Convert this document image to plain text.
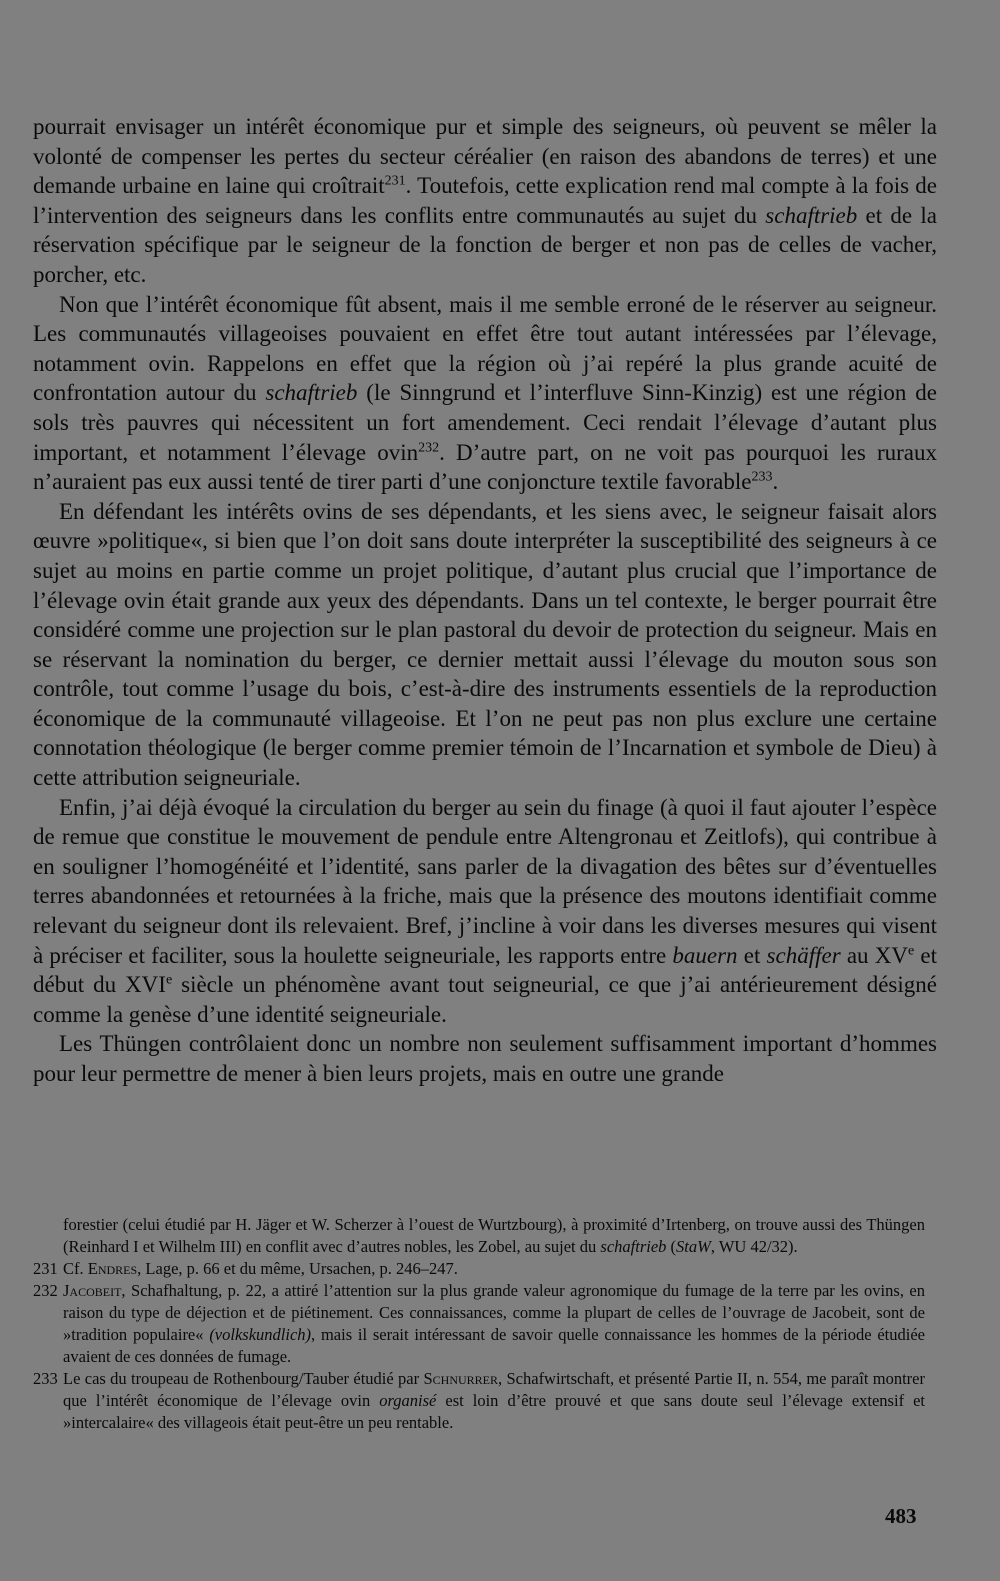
pourrait envisager un intérêt économique pur et simple des seigneurs, où peuvent se mêler la volonté de compenser les pertes du secteur céréalier (en raison des abandons de terres) et une demande urbaine en laine qui croîtrait$^{231}$. Toutefois, cette explication rend mal compte à la fois de l’intervention des seigneurs dans les conflits entre communautés au sujet du schaftrieb et de la réservation spécifique par le seigneur de la fonction de berger et non pas de celles de vacher, porcher, etc.

Non que l’intérêt économique fût absent, mais il me semble erroné de le réserver au seigneur. Les communautés villageoises pouvaient en effet être tout autant intéressées par l’élevage, notamment ovin. Rappelons en effet que la région où j’ai repéré la plus grande acuité de confrontation autour du schaftrieb (le Sinngrund et l’interfluve Sinn-Kinzig) est une région de sols très pauvres qui nécessitent un fort amendement. Ceci rendait l’élevage d’autant plus important, et notamment l’élevage ovin$^{232}$. D’autre part, on ne voit pas pourquoi les ruraux n’auraient pas eux aussi tenté de tirer parti d’une conjoncture textile favorable$^{233}$.

En défendant les intérêts ovins de ses dépendants, et les siens avec, le seigneur faisait alors œuvre »politique«, si bien que l’on doit sans doute interpréter la susceptibilité des seigneurs à ce sujet au moins en partie comme un projet politique, d’autant plus crucial que l’importance de l’élevage ovin était grande aux yeux des dépendants. Dans un tel contexte, le berger pourrait être considéré comme une projection sur le plan pastoral du devoir de protection du seigneur. Mais en se réservant la nomination du berger, ce dernier mettait aussi l’élevage du mouton sous son contrôle, tout comme l’usage du bois, c’est-à-dire des instruments essentiels de la reproduction économique de la communauté villageoise. Et l’on ne peut pas non plus exclure une certaine connotation théologique (le berger comme premier témoin de l’Incarnation et symbole de Dieu) à cette attribution seigneuriale.

Enfin, j’ai déjà évoqué la circulation du berger au sein du finage (à quoi il faut ajouter l’espèce de remue que constitue le mouvement de pendule entre Altengronau et Zeitlofs), qui contribue à en souligner l’homogénéité et l’identité, sans parler de la divagation des bêtes sur d’éventuelles terres abandonnées et retournées à la friche, mais que la présence des moutons identifiait comme relevant du seigneur dont ils relevaient. Bref, j’incline à voir dans les diverses mesures qui visent à préciser et faciliter, sous la houlette seigneuriale, les rapports entre bauern et schäffer au XVe et début du XVIe siècle un phénomène avant tout seigneurial, ce que j’ai antérieurement désigné comme la genèse d’une identité seigneuriale.

Les Thüngen contrôlaient donc un nombre non seulement suffisamment important d’hommes pour leur permettre de mener à bien leurs projets, mais en outre une grande

forestier (celui étudié par H. Jäger et W. Scherzer à l’ouest de Wurtzbourg), à proximité d’Irtenberg, on trouve aussi des Thüngen (Reinhard I et Wilhelm III) en conflit avec d’autres nobles, les Zobel, au sujet du schaftrieb (StaW, WU 42/32).

231 Cf. Endres, Lage, p. 66 et du même, Ursachen, p. 246–247.

232 Jacobeit, Schafhaltung, p. 22, a attiré l’attention sur la plus grande valeur agronomique du fumage de la terre par les ovins, en raison du type de déjection et de piétinement. Ces connaissances, comme la plupart de celles de l’ouvrage de Jacobeit, sont de »tradition populaire« (volkskundlich), mais il serait intéressant de savoir quelle connaissance les hommes de la période étudiée avaient de ces données de fumage.

233 Le cas du troupeau de Rothenbourg/Tauber étudié par Schnurrer, Schafwirtschaft, et présenté Partie II, n. 554, me paraît montrer que l’intérêt économique de l’élevage ovin organisé est loin d’être prouvé et que sans doute seul l’élevage extensif et »intercalaire« des villageois était peut-être un peu rentable.

483
